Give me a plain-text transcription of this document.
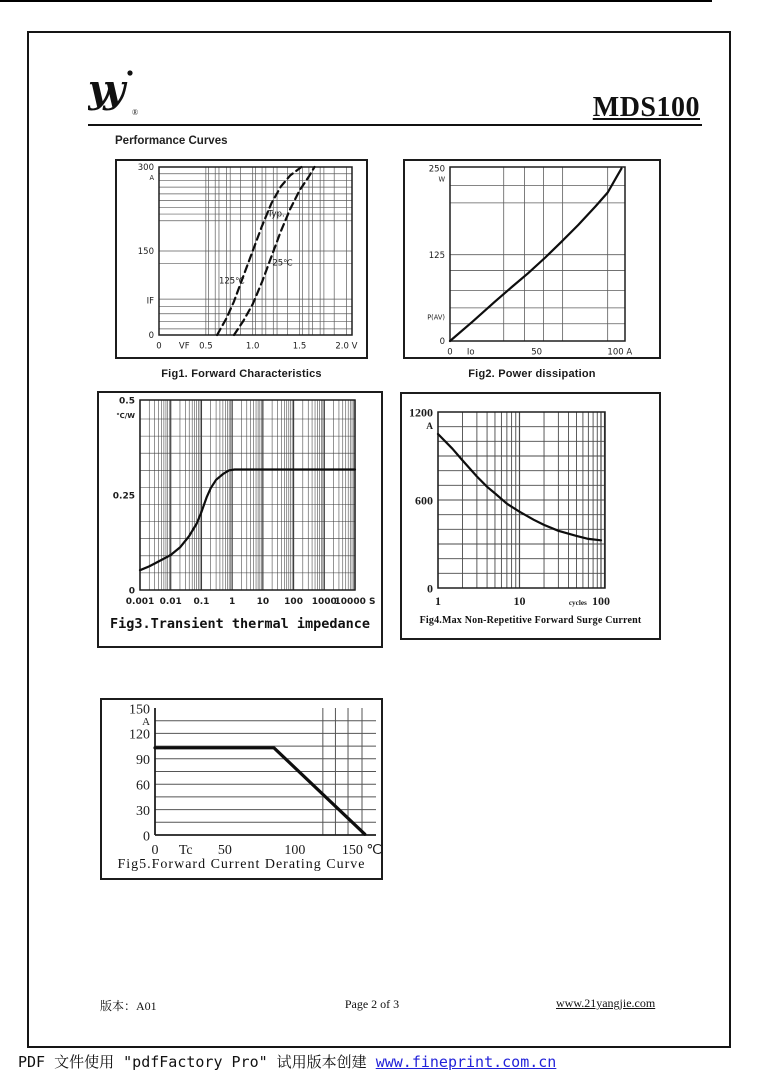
yy
®	MDS100
Performance Curves
0 VF 0.5	1.0	1.5	2.0 V
300
A
150
IF
0
Typ.
25℃
125℃
Fig1. Forward Characteristics
0 Io	50	100 A
250
W
125
P(AV)
0
Fig2. Power dissipation
0.001 0.01 0.1 1 10 100 1000
10000 S
0.5
℃/W
0.25
0
Fig3.Transient thermal impedance
1	10	cycles 100
1200
A
600
0
Fig4.Max Non-Repetitive Forward Surge Current
0 Tc 50	100	150 ℃
150
A
120
90
60
30
0
Fig5.Forward Current Derating Curve
版本：A01	Page 2 of 3	www.21yangjie.com
PDF 文件使用 "pdfFactory Pro" 试用版本创建 www.fineprint.com.cn
